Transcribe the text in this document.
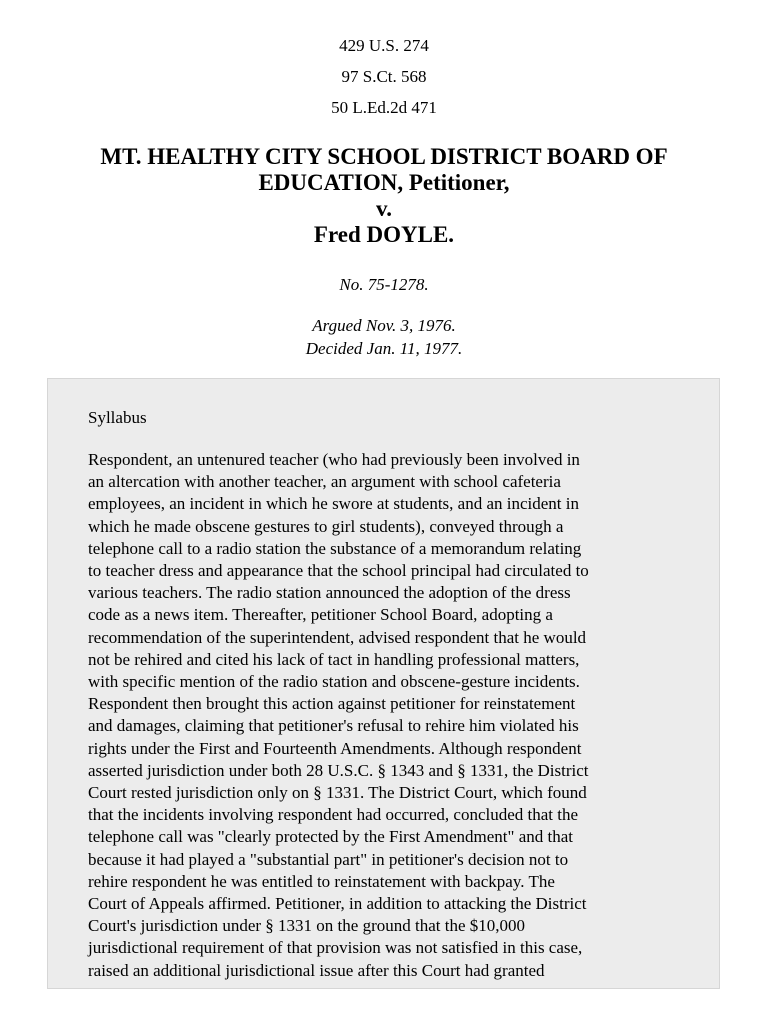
429 U.S. 274
97 S.Ct. 568
50 L.Ed.2d 471
MT. HEALTHY CITY SCHOOL DISTRICT BOARD OF
EDUCATION, Petitioner,
v.
Fred DOYLE.
No. 75-1278.
Argued Nov. 3, 1976.
Decided Jan. 11, 1977.
Syllabus
Respondent, an untenured teacher (who had previously been involved in
an altercation with another teacher, an argument with school cafeteria
employees, an incident in which he swore at students, and an incident in
which he made obscene gestures to girl students), conveyed through a
telephone call to a radio station the substance of a memorandum relating
to teacher dress and appearance that the school principal had circulated to
various teachers. The radio station announced the adoption of the dress
code as a news item. Thereafter, petitioner School Board, adopting a
recommendation of the superintendent, advised respondent that he would
not be rehired and cited his lack of tact in handling professional matters,
with specific mention of the radio station and obscene-gesture incidents.
Respondent then brought this action against petitioner for reinstatement
and damages, claiming that petitioner's refusal to rehire him violated his
rights under the First and Fourteenth Amendments. Although respondent
asserted jurisdiction under both 28 U.S.C. § 1343 and § 1331, the District
Court rested jurisdiction only on § 1331. The District Court, which found
that the incidents involving respondent had occurred, concluded that the
telephone call was "clearly protected by the First Amendment" and that
because it had played a "substantial part" in petitioner's decision not to
rehire respondent he was entitled to reinstatement with backpay. The
Court of Appeals affirmed. Petitioner, in addition to attacking the District
Court's jurisdiction under § 1331 on the ground that the $10,000
jurisdictional requirement of that provision was not satisfied in this case,
raised an additional jurisdictional issue after this Court had granted
